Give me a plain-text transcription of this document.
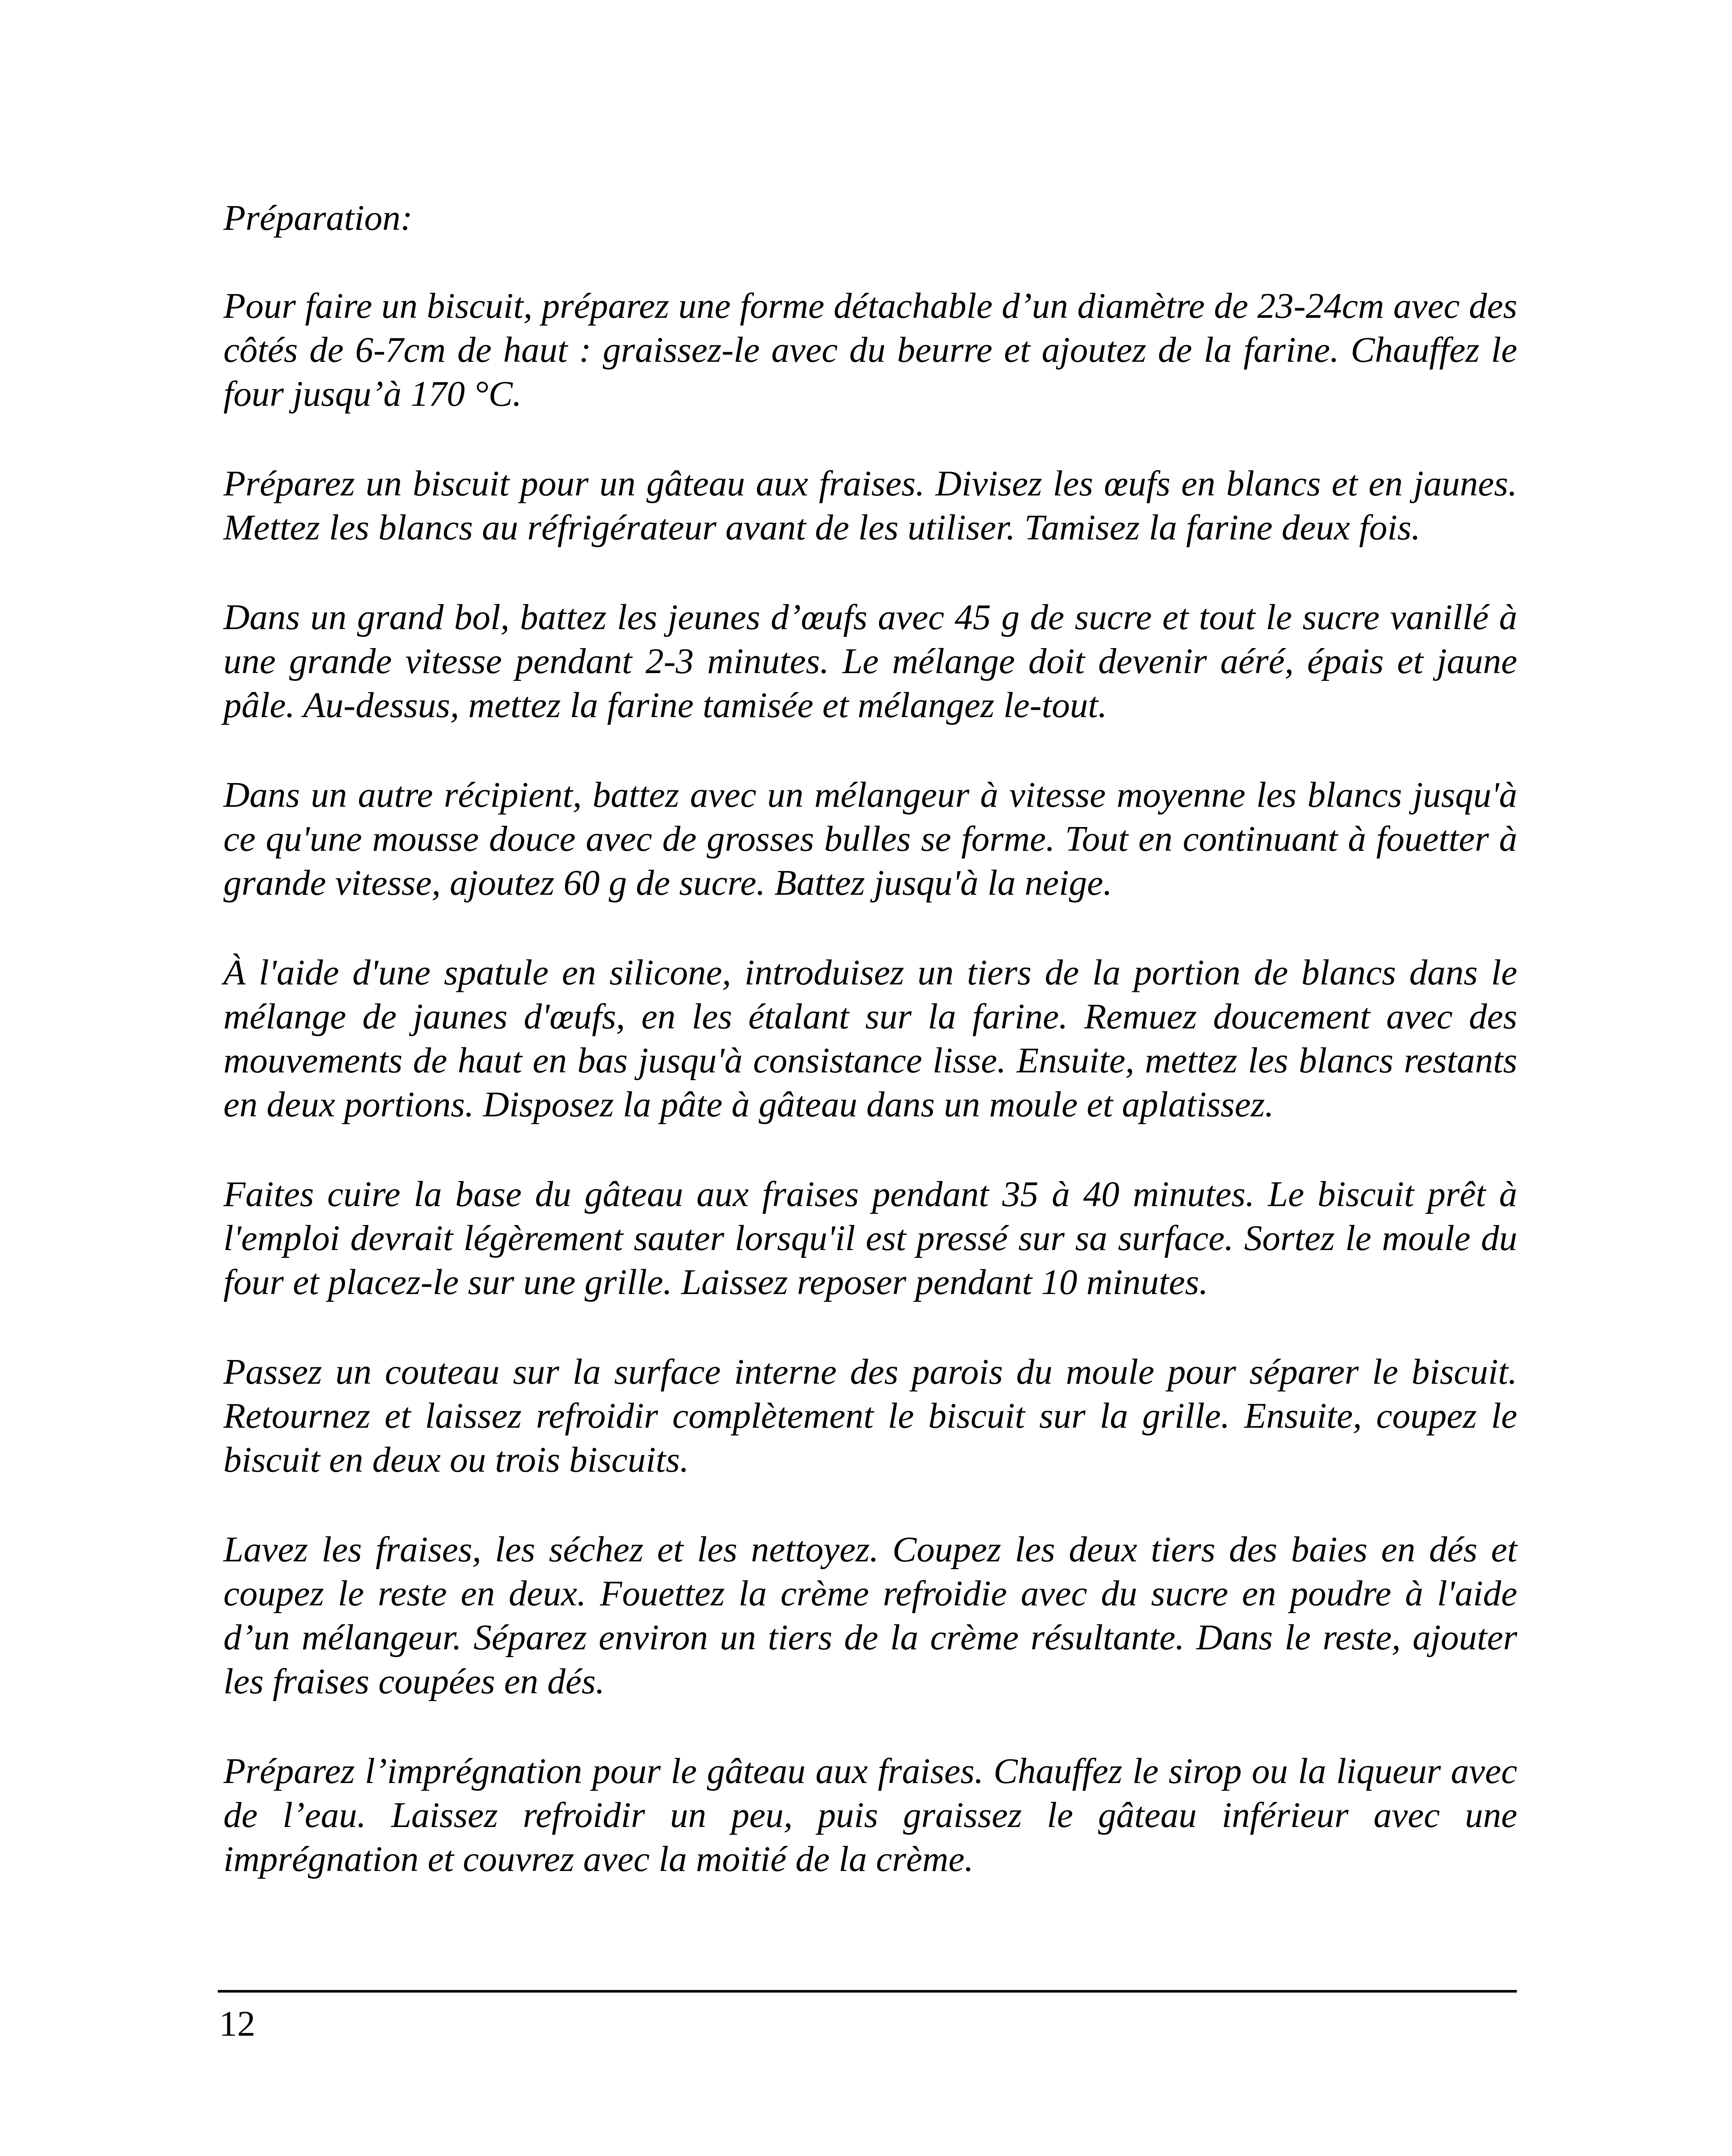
Préparation:

Pour faire un biscuit, préparez une forme détachable d’un diamètre de 23-24cm avec des côtés de 6-7cm de haut : graissez-le avec du beurre et ajoutez de la farine. Chauffez le four jusqu’à 170 °C.

Préparez un biscuit pour un gâteau aux fraises. Divisez les œufs en blancs et en jaunes. Mettez les blancs au réfrigérateur avant de les utiliser. Tamisez la farine deux fois.

Dans un grand bol, battez les jeunes d’œufs avec 45 g de sucre et tout le sucre vanillé à une grande vitesse pendant 2-3 minutes. Le mélange doit devenir aéré, épais et jaune pâle. Au-dessus, mettez la farine tamisée et mélangez le-tout.

Dans un autre récipient, battez avec un mélangeur à vitesse moyenne les blancs jusqu'à ce qu'une mousse douce avec de grosses bulles se forme. Tout en continuant à fouetter à grande vitesse, ajoutez 60 g de sucre. Battez jusqu'à la neige.

À l'aide d'une spatule en silicone, introduisez un tiers de la portion de blancs dans le mélange de jaunes d'œufs, en les étalant sur la farine. Remuez doucement avec des mouvements de haut en bas jusqu'à consistance lisse. Ensuite, mettez les blancs restants en deux portions. Disposez la pâte à gâteau dans un moule et aplatissez.

Faites cuire la base du gâteau aux fraises pendant 35 à 40 minutes. Le biscuit prêt à l'emploi devrait légèrement sauter lorsqu'il est pressé sur sa surface. Sortez le moule du four et placez-le sur une grille. Laissez reposer pendant 10 minutes.

Passez un couteau sur la surface interne des parois du moule pour séparer le biscuit. Retournez et laissez refroidir complètement le biscuit sur la grille. Ensuite, coupez le biscuit en deux ou trois biscuits.

Lavez les fraises, les séchez et les nettoyez. Coupez les deux tiers des baies en dés et coupez le reste en deux. Fouettez la crème refroidie avec du sucre en poudre à l'aide d’un mélangeur. Séparez environ un tiers de la crème résultante. Dans le reste, ajouter les fraises coupées en dés.

Préparez l’imprégnation pour le gâteau aux fraises. Chauffez le sirop ou la liqueur avec de l’eau. Laissez refroidir un peu, puis graissez le gâteau inférieur avec une imprégnation et couvrez avec la moitié de la crème.

12
